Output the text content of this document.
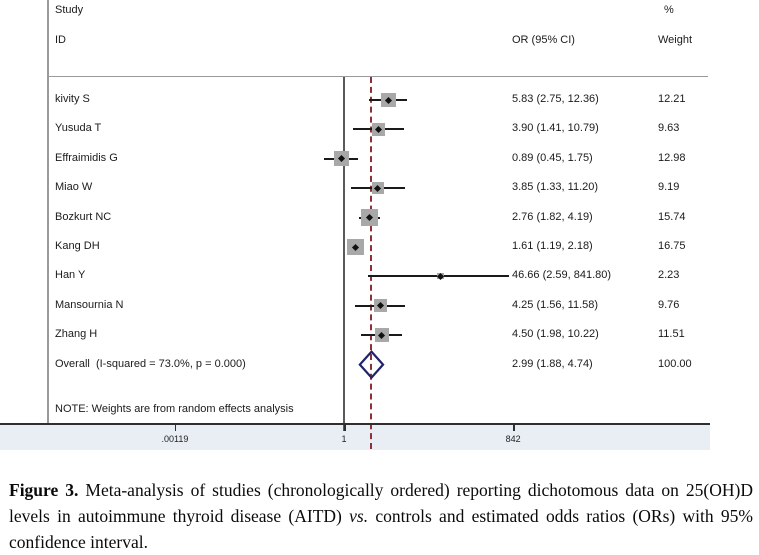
Study
ID	OR (95% CI)
%
Weight
kivity S	5.83 (2.75, 12.36)	12.21
Yusuda T	3.90 (1.41, 10.79)	9.63
Effraimidis G	0.89 (0.45, 1.75)	12.98
Miao W	3.85 (1.33, 11.20)	9.19
Bozkurt NC	2.76 (1.82, 4.19)	15.74
Kang DH	1.61 (1.19, 2.18)	16.75
Han Y	46.66 (2.59, 841.80)	2.23
Mansournia N	4.25 (1.56, 11.58)	9.76
Zhang H	4.50 (1.98, 10.22)	11.51
Overall  (I-squared = 73.0%, p = 0.000)	2.99 (1.88, 4.74)	100.00
.00119	1	842
NOTE: Weights are from random effects analysis
Figure 3. Meta-analysis of studies (chronologically ordered) reporting dichotomous data on 25(OH)D levels in autoimmune thyroid disease (AITD) vs. controls and estimated odds ratios (ORs) with 95% confidence interval.
